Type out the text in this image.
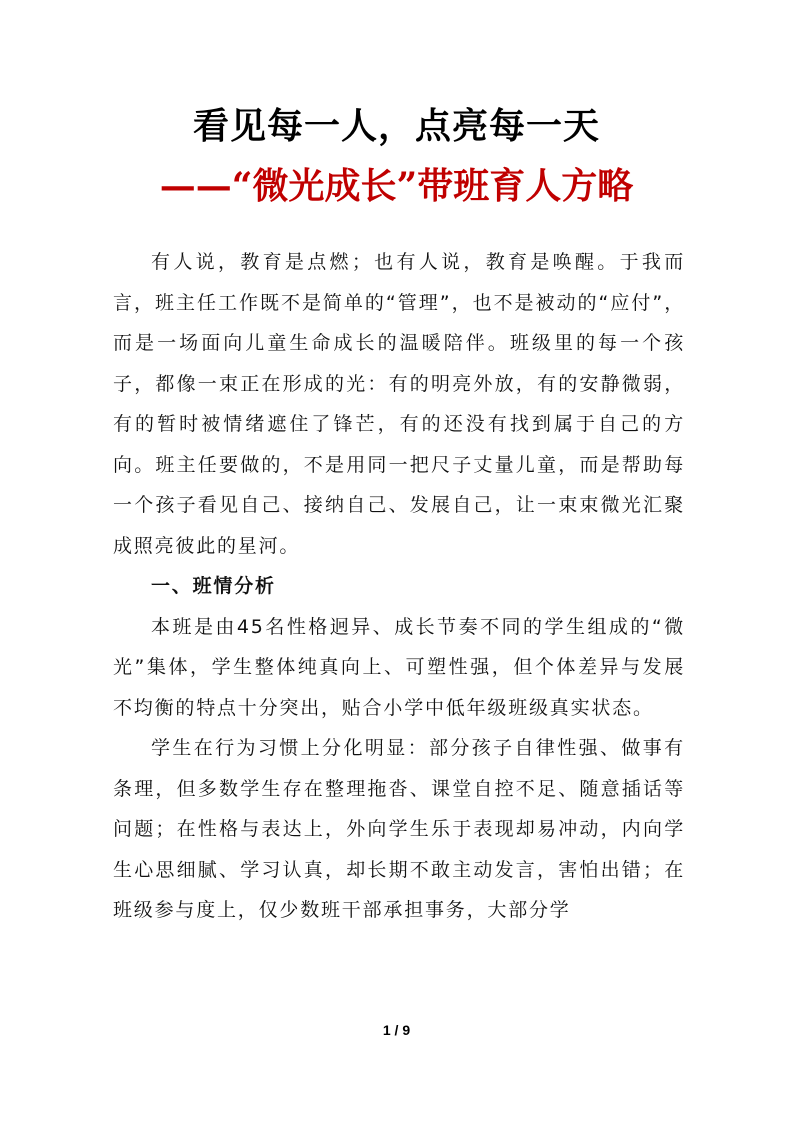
看见每一人，点亮每一天
——“微光成长”带班育人方略

有人说，教育是点燃；也有人说，教育是唤醒。于我而言，班主任工作既不是简单的“管理”，也不是被动的“应付”，而是一场面向儿童生命成长的温暖陪伴。班级里的每一个孩子，都像一束正在形成的光：有的明亮外放，有的安静微弱，有的暂时被情绪遮住了锋芒，有的还没有找到属于自己的方向。班主任要做的，不是用同一把尺子丈量儿童，而是帮助每一个孩子看见自己、接纳自己、发展自己，让一束束微光汇聚成照亮彼此的星河。

一、班情分析

本班是由45名性格迥异、成长节奏不同的学生组成的“微光”集体，学生整体纯真向上、可塑性强，但个体差异与发展不均衡的特点十分突出，贴合小学中低年级班级真实状态。

学生在行为习惯上分化明显：部分孩子自律性强、做事有条理，但多数学生存在整理拖沓、课堂自控不足、随意插话等问题；在性格与表达上，外向学生乐于表现却易冲动，内向学生心思细腻、学习认真，却长期不敢主动发言，害怕出错；在班级参与度上，仅少数班干部承担事务，大部分学

1 / 9
